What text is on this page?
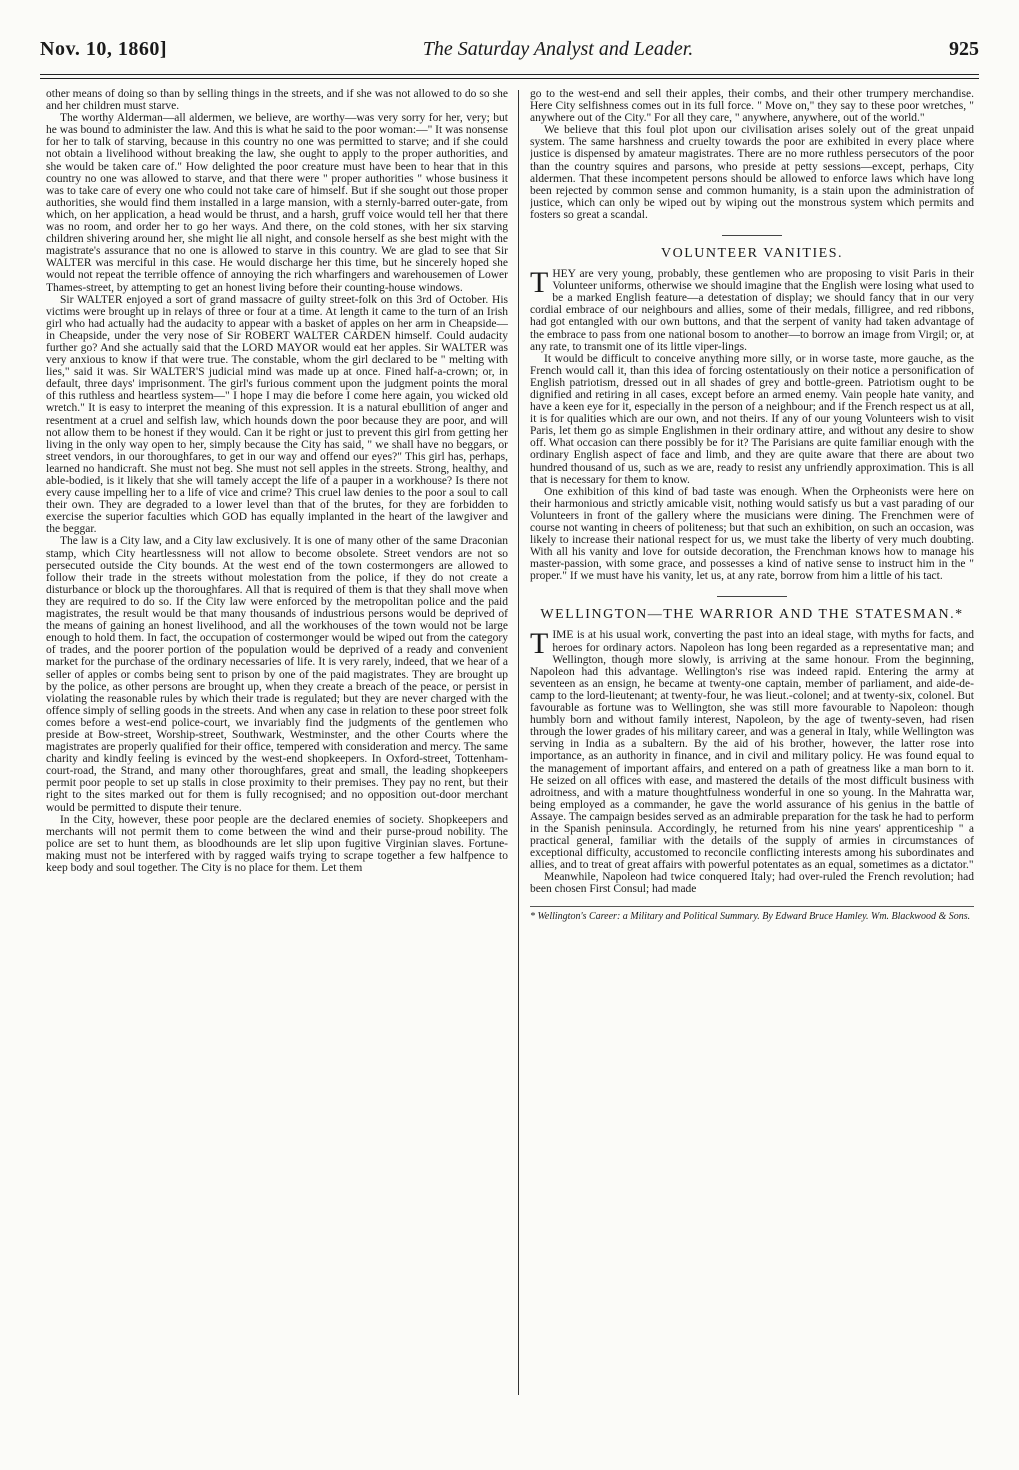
Nov. 10, 1860]	The Saturday Analyst and Leader.	925

other means of doing so than by selling things in the streets, and if she was not allowed to do so she and her children must starve.

The worthy Alderman—all aldermen, we believe, are worthy—was very sorry for her, very; but he was bound to administer the law. And this is what he said to the poor woman:—" It was nonsense for her to talk of starving, because in this country no one was permitted to starve; and if she could not obtain a livelihood without breaking the law, she ought to apply to the proper authorities, and she would be taken care of." How delighted the poor creature must have been to hear that in this country no one was allowed to starve, and that there were " proper authorities " whose business it was to take care of every one who could not take care of himself. But if she sought out those proper authorities, she would find them installed in a large mansion, with a sternly-barred outer-gate, from which, on her application, a head would be thrust, and a harsh, gruff voice would tell her that there was no room, and order her to go her ways. And there, on the cold stones, with her six starving children shivering around her, she might lie all night, and console herself as she best might with the magistrate's assurance that no one is allowed to starve in this country. We are glad to see that Sir WALTER was merciful in this case. He would discharge her this time, but he sincerely hoped she would not repeat the terrible offence of annoying the rich wharfingers and warehousemen of Lower Thames-street, by attempting to get an honest living before their counting-house windows.

Sir WALTER enjoyed a sort of grand massacre of guilty street-folk on this 3rd of October. His victims were brought up in relays of three or four at a time. At length it came to the turn of an Irish girl who had actually had the audacity to appear with a basket of apples on her arm in Cheapside—in Cheapside, under the very nose of Sir ROBERT WALTER CARDEN himself. Could audacity further go? And she actually said that the LORD MAYOR would eat her apples. Sir WALTER was very anxious to know if that were true. The constable, whom the girl declared to be " melting with lies," said it was. Sir WALTER'S judicial mind was made up at once. Fined half-a-crown; or, in default, three days' imprisonment. The girl's furious comment upon the judgment points the moral of this ruthless and heartless system—" I hope I may die before I come here again, you wicked old wretch." It is easy to interpret the meaning of this expression. It is a natural ebullition of anger and resentment at a cruel and selfish law, which hounds down the poor because they are poor, and will not allow them to be honest if they would. Can it be right or just to prevent this girl from getting her living in the only way open to her, simply because the City has said, " we shall have no beggars, or street vendors, in our thoroughfares, to get in our way and offend our eyes?" This girl has, perhaps, learned no handicraft. She must not beg. She must not sell apples in the streets. Strong, healthy, and able-bodied, is it likely that she will tamely accept the life of a pauper in a workhouse? Is there not every cause impelling her to a life of vice and crime? This cruel law denies to the poor a soul to call their own. They are degraded to a lower level than that of the brutes, for they are forbidden to exercise the superior faculties which GOD has equally implanted in the heart of the lawgiver and the beggar.

The law is a City law, and a City law exclusively. It is one of many other of the same Draconian stamp, which City heartlessness will not allow to become obsolete. Street vendors are not so persecuted outside the City bounds. At the west end of the town costermongers are allowed to follow their trade in the streets without molestation from the police, if they do not create a disturbance or block up the thoroughfares. All that is required of them is that they shall move when they are required to do so. If the City law were enforced by the metropolitan police and the paid magistrates, the result would be that many thousands of industrious persons would be deprived of the means of gaining an honest livelihood, and all the workhouses of the town would not be large enough to hold them. In fact, the occupation of costermonger would be wiped out from the category of trades, and the poorer portion of the population would be deprived of a ready and convenient market for the purchase of the ordinary necessaries of life. It is very rarely, indeed, that we hear of a seller of apples or combs being sent to prison by one of the paid magistrates. They are brought up by the police, as other persons are brought up, when they create a breach of the peace, or persist in violating the reasonable rules by which their trade is regulated; but they are never charged with the offence simply of selling goods in the streets. And when any case in relation to these poor street folk comes before a west-end police-court, we invariably find the judgments of the gentlemen who preside at Bow-street, Worship-street, Southwark, Westminster, and the other Courts where the magistrates are properly qualified for their office, tempered with consideration and mercy. The same charity and kindly feeling is evinced by the west-end shopkeepers. In Oxford-street, Tottenham-court-road, the Strand, and many other thoroughfares, great and small, the leading shopkeepers permit poor people to set up stalls in close proximity to their premises. They pay no rent, but their right to the sites marked out for them is fully recognised; and no opposition out-door merchant would be permitted to dispute their tenure.

In the City, however, these poor people are the declared enemies of society. Shopkeepers and merchants will not permit them to come between the wind and their purse-proud nobility. The police are set to hunt them, as bloodhounds are let slip upon fugitive Virginian slaves. Fortune-making must not be interfered with by ragged waifs trying to scrape together a few halfpence to keep body and soul together. The City is no place for them. Let them

go to the west-end and sell their apples, their combs, and their other trumpery merchandise. Here City selfishness comes out in its full force. " Move on," they say to these poor wretches, " anywhere out of the City." For all they care, " anywhere, anywhere, out of the world."

We believe that this foul plot upon our civilisation arises solely out of the great unpaid system. The same harshness and cruelty towards the poor are exhibited in every place where justice is dispensed by amateur magistrates. There are no more ruthless persecutors of the poor than the country squires and parsons, who preside at petty sessions—except, perhaps, City aldermen. That these incompetent persons should be allowed to enforce laws which have long been rejected by common sense and common humanity, is a stain upon the administration of justice, which can only be wiped out by wiping out the monstrous system which permits and fosters so great a scandal.

VOLUNTEER VANITIES.

THEY are very young, probably, these gentlemen who are proposing to visit Paris in their Volunteer uniforms, otherwise we should imagine that the English were losing what used to be a marked English feature—a detestation of display; we should fancy that in our very cordial embrace of our neighbours and allies, some of their medals, filligree, and red ribbons, had got entangled with our own buttons, and that the serpent of vanity had taken advantage of the embrace to pass from one national bosom to another—to borrow an image from Virgil; or, at any rate, to transmit one of its little viper-lings.

It would be difficult to conceive anything more silly, or in worse taste, more gauche, as the French would call it, than this idea of forcing ostentatiously on their notice a personification of English patriotism, dressed out in all shades of grey and bottle-green. Patriotism ought to be dignified and retiring in all cases, except before an armed enemy. Vain people hate vanity, and have a keen eye for it, especially in the person of a neighbour; and if the French respect us at all, it is for qualities which are our own, and not theirs. If any of our young Volunteers wish to visit Paris, let them go as simple Englishmen in their ordinary attire, and without any desire to show off. What occasion can there possibly be for it? The Parisians are quite familiar enough with the ordinary English aspect of face and limb, and they are quite aware that there are about two hundred thousand of us, such as we are, ready to resist any unfriendly approximation. This is all that is necessary for them to know.

One exhibition of this kind of bad taste was enough. When the Orpheonists were here on their harmonious and strictly amicable visit, nothing would satisfy us but a vast parading of our Volunteers in front of the gallery where the musicians were dining. The Frenchmen were of course not wanting in cheers of politeness; but that such an exhibition, on such an occasion, was likely to increase their national respect for us, we must take the liberty of very much doubting. With all his vanity and love for outside decoration, the Frenchman knows how to manage his master-passion, with some grace, and possesses a kind of native sense to instruct him in the " proper." If we must have his vanity, let us, at any rate, borrow from him a little of his tact.

WELLINGTON—THE WARRIOR AND THE STATESMAN.*

TIME is at his usual work, converting the past into an ideal stage, with myths for facts, and heroes for ordinary actors. Napoleon has long been regarded as a representative man; and Wellington, though more slowly, is arriving at the same honour. From the beginning, Napoleon had this advantage. Wellington's rise was indeed rapid. Entering the army at seventeen as an ensign, he became at twenty-one captain, member of parliament, and aide-de-camp to the lord-lieutenant; at twenty-four, he was lieut.-colonel; and at twenty-six, colonel. But favourable as fortune was to Wellington, she was still more favourable to Napoleon: though humbly born and without family interest, Napoleon, by the age of twenty-seven, had risen through the lower grades of his military career, and was a general in Italy, while Wellington was serving in India as a subaltern. By the aid of his brother, however, the latter rose into importance, as an authority in finance, and in civil and military policy. He was found equal to the management of important affairs, and entered on a path of greatness like a man born to it. He seized on all offices with ease, and mastered the details of the most difficult business with adroitness, and with a mature thoughtfulness wonderful in one so young. In the Mahratta war, being employed as a commander, he gave the world assurance of his genius in the battle of Assaye. The campaign besides served as an admirable preparation for the task he had to perform in the Spanish peninsula. Accordingly, he returned from his nine years' apprenticeship " a practical general, familiar with the details of the supply of armies in circumstances of exceptional difficulty, accustomed to reconcile conflicting interests among his subordinates and allies, and to treat of great affairs with powerful potentates as an equal, sometimes as a dictator."

Meanwhile, Napoleon had twice conquered Italy; had over-ruled the French revolution; had been chosen First Consul; had made

* Wellington's Career: a Military and Political Summary. By Edward Bruce Hamley. Wm. Blackwood & Sons.
